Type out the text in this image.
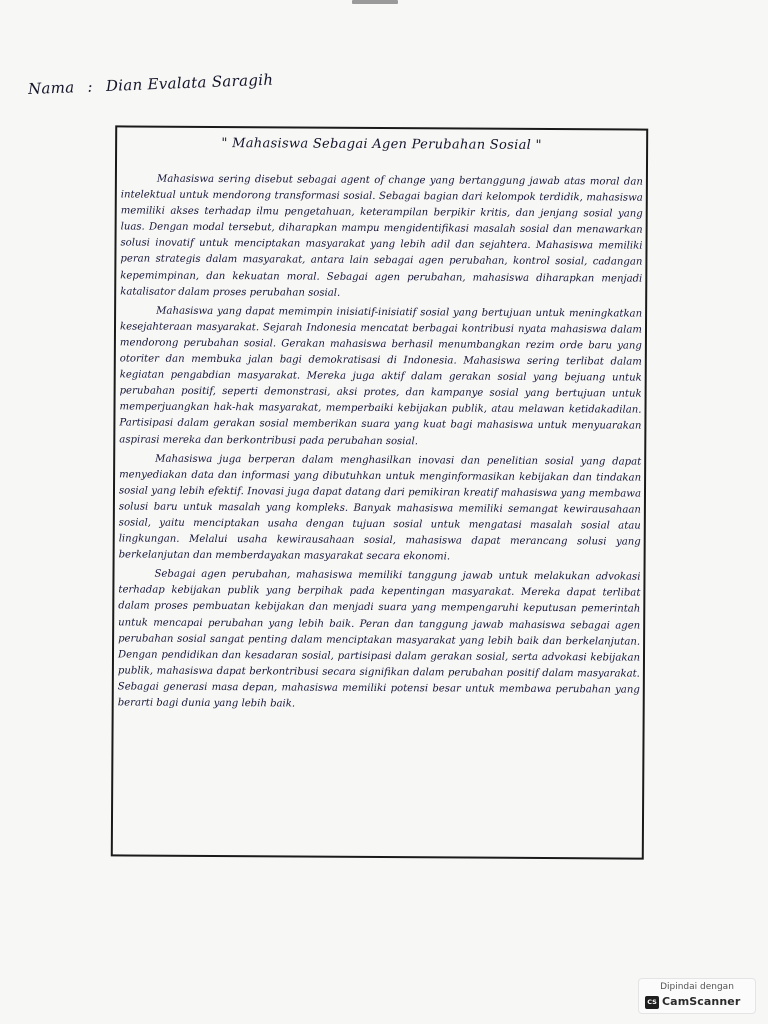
Nama : Dian Evalata Saragih
" Mahasiswa Sebagai Agen Perubahan Sosial "

Mahasiswa sering disebut sebagai agent of change yang bertanggung jawab atas moral dan intelektual untuk mendorong transformasi sosial. Sebagai bagian dari kelompok terdidik, mahasiswa memiliki akses terhadap ilmu pengetahuan, keterampilan berpikir kritis, dan jenjang sosial yang luas. Dengan modal tersebut, diharapkan mampu mengidentifikasi masalah sosial dan menawarkan solusi inovatif untuk menciptakan masyarakat yang lebih adil dan sejahtera. Mahasiswa memiliki peran strategis dalam masyarakat, antara lain sebagai agen perubahan, kontrol sosial, cadangan kepemimpinan, dan kekuatan moral. Sebagai agen perubahan, mahasiswa diharapkan menjadi katalisator dalam proses perubahan sosial.

Mahasiswa yang dapat memimpin inisiatif-inisiatif sosial yang bertujuan untuk meningkatkan kesejahteraan masyarakat. Sejarah Indonesia mencatat berbagai kontribusi nyata mahasiswa dalam mendorong perubahan sosial. Gerakan mahasiswa berhasil menumbangkan rezim orde baru yang otoriter dan membuka jalan bagi demokratisasi di Indonesia. Mahasiswa sering terlibat dalam kegiatan pengabdian masyarakat. Mereka juga aktif dalam gerakan sosial yang bejuang untuk perubahan positif, seperti demonstrasi, aksi protes, dan kampanye sosial yang bertujuan untuk memperjuangkan hak-hak masyarakat, memperbaiki kebijakan publik, atau melawan ketidakadilan. Partisipasi dalam gerakan sosial memberikan suara yang kuat bagi mahasiswa untuk menyuarakan aspirasi mereka dan berkontribusi pada perubahan sosial.

Mahasiswa juga berperan dalam menghasilkan inovasi dan penelitian sosial yang dapat menyediakan data dan informasi yang dibutuhkan untuk menginformasikan kebijakan dan tindakan sosial yang lebih efektif. Inovasi juga dapat datang dari pemikiran kreatif mahasiswa yang membawa solusi baru untuk masalah yang kompleks. Banyak mahasiswa memiliki semangat kewirausahaan sosial, yaitu menciptakan usaha dengan tujuan sosial untuk mengatasi masalah sosial atau lingkungan. Melalui usaha kewirausahaan sosial, mahasiswa dapat merancang solusi yang berkelanjutan dan memberdayakan masyarakat secara ekonomi.

Sebagai agen perubahan, mahasiswa memiliki tanggung jawab untuk melakukan advokasi terhadap kebijakan publik yang berpihak pada kepentingan masyarakat. Mereka dapat terlibat dalam proses pembuatan kebijakan dan menjadi suara yang mempengaruhi keputusan pemerintah untuk mencapai perubahan yang lebih baik. Peran dan tanggung jawab mahasiswa sebagai agen perubahan sosial sangat penting dalam menciptakan masyarakat yang lebih baik dan berkelanjutan. Dengan pendidikan dan kesadaran sosial, partisipasi dalam gerakan sosial, serta advokasi kebijakan publik, mahasiswa dapat berkontribusi secara signifikan dalam perubahan positif dalam masyarakat. Sebagai generasi masa depan, mahasiswa memiliki potensi besar untuk membawa perubahan yang berarti bagi dunia yang lebih baik.

Dipindai dengan
CS CamScanner
